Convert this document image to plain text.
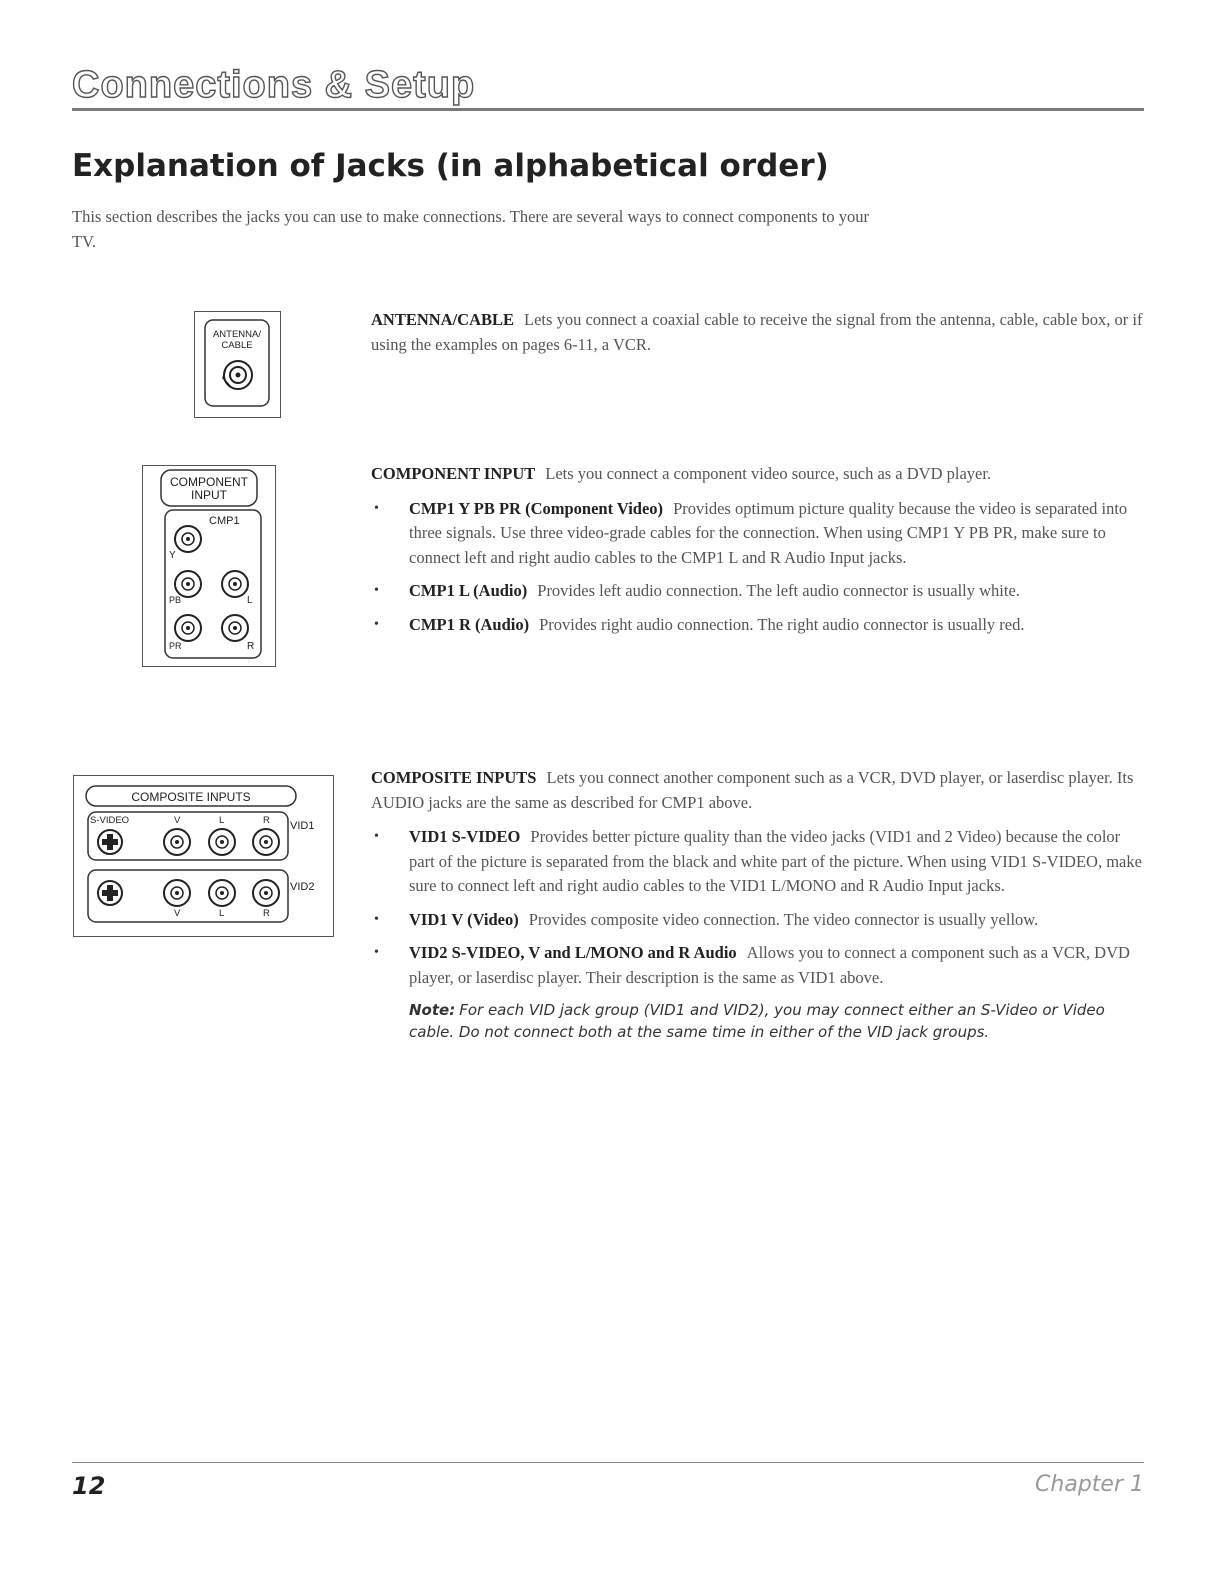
Connections & Setup
Explanation of Jacks (in alphabetical order)
This section describes the jacks you can use to make connections. There are several ways to connect components to your TV.
ANTENNA/
CABLE
COMPONENT
INPUT
CMP1
Y
PB	L
PR	R
COMPOSITE INPUTS
S-VIDEO	V	L	R VID1
VID2
V	L	R

ANTENNA/CABLE Lets you connect a coaxial cable to receive the signal from the antenna, cable, cable box, or if using the examples on pages 6-11, a VCR.

COMPONENT INPUT Lets you connect a component video source, such as a DVD player.

• CMP1 Y PB PR (Component Video) Provides optimum picture quality because the video is separated into three signals. Use three video-grade cables for the connection. When using CMP1 Y PB PR, make sure to connect left and right audio cables to the CMP1 L and R Audio Input jacks.
• CMP1 L (Audio) Provides left audio connection. The left audio connector is usually white.
• CMP1 R (Audio) Provides right audio connection. The right audio connector is usually red.

COMPOSITE INPUTS Lets you connect another component such as a VCR, DVD player, or laserdisc player. Its AUDIO jacks are the same as described for CMP1 above.

• VID1 S-VIDEO Provides better picture quality than the video jacks (VID1 and 2 Video) because the color part of the picture is separated from the black and white part of the picture. When using VID1 S-VIDEO, make sure to connect left and right audio cables to the VID1 L/MONO and R Audio Input jacks.
• VID1 V (Video) Provides composite video connection. The video connector is usually yellow.
• VID2 S-VIDEO, V and L/MONO and R Audio Allows you to connect a component such as a VCR, DVD player, or laserdisc player. Their description is the same as VID1 above.
Note: For each VID jack group (VID1 and VID2), you may connect either an S-Video or Video cable. Do not connect both at the same time in either of the VID jack groups.
12	Chapter 1
